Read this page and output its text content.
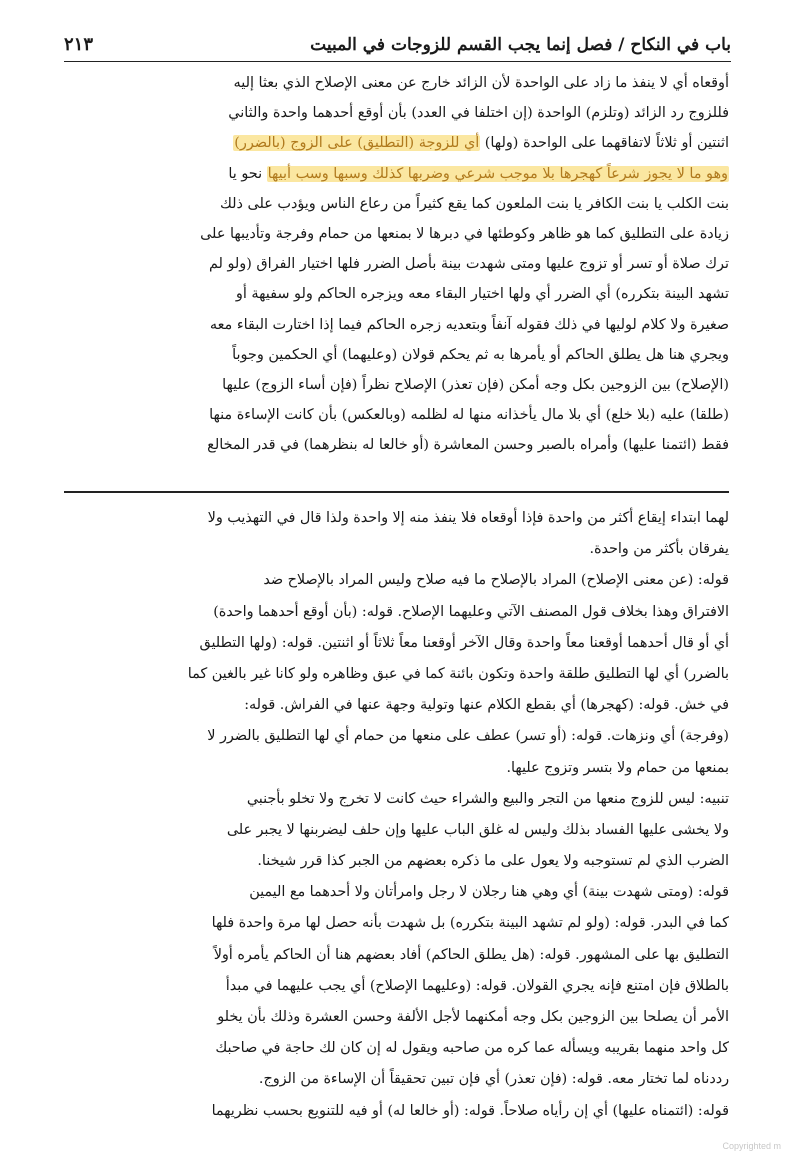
باب في النكاح / فصل إنما يجب القسم للزوجات في المبيت
٢١٣

أوقعاه أي لا ينفذ ما زاد على الواحدة لأن الزائد خارج عن معنى الإصلاح الذي بعثا إليه

فللزوج رد الزائد (وتلزم) الواحدة (إن اختلفا في العدد) بأن أوقع أحدهما واحدة والثاني

اثنتين أو ثلاثاً لاتفاقهما على الواحدة (ولها) أي للزوجة (التطليق) على الزوج (بالضرر)

وهو ما لا يجوز شرعاً كهجرها بلا موجب شرعي وضربها كذلك وسبها وسب أبيها نحو يا

بنت الكلب يا بنت الكافر يا بنت الملعون كما يقع كثيراً من رعاع الناس ويؤدب على ذلك

زيادة على التطليق كما هو ظاهر وكوطئها في دبرها لا بمنعها من حمام وفرجة وتأديبها على

ترك صلاة أو تسر أو تزوج عليها ومتى شهدت بينة بأصل الضرر فلها اختيار الفراق (ولو لم

تشهد البينة بتكرره) أي الضرر أي ولها اختيار البقاء معه ويزجره الحاكم ولو سفيهة أو

صغيرة ولا كلام لوليها في ذلك فقوله آنفاً وبتعديه زجره الحاكم فيما إذا اختارت البقاء معه

ويجري هنا هل يطلق الحاكم أو يأمرها به ثم يحكم قولان (وعليهما) أي الحكمين وجوباً

(الإصلاح) بين الزوجين بكل وجه أمكن (فإن تعذر) الإصلاح نظراً (فإن أساء الزوج) عليها

(طلقا) عليه (بلا خلع) أي بلا مال يأخذانه منها له لظلمه (وبالعكس) بأن كانت الإساءة منها

فقط (ائتمنا عليها) وأمراه بالصبر وحسن المعاشرة (أو خالعا له بنظرهما) في قدر المخالع

لهما ابتداء إيقاع أكثر من واحدة فإذا أوقعاه فلا ينفذ منه إلا واحدة ولذا قال في التهذيب ولا

يفرقان بأكثر من واحدة.

قوله: (عن معنى الإصلاح) المراد بالإصلاح ما فيه صلاح وليس المراد بالإصلاح ضد

الافتراق وهذا بخلاف قول المصنف الآتي وعليهما الإصلاح. قوله: (بأن أوقع أحدهما واحدة)

أي أو قال أحدهما أوقعنا معاً واحدة وقال الآخر أوقعنا معاً ثلاثاً أو اثنتين. قوله: (ولها التطليق

بالضرر) أي لها التطليق طلقة واحدة وتكون بائنة كما في عبق وظاهره ولو كانا غير بالغين كما

في خش. قوله: (كهجرها) أي بقطع الكلام عنها وتولية وجهة عنها في الفراش. قوله:

(وفرجة) أي ونزهات. قوله: (أو تسر) عطف على منعها من حمام أي لها التطليق بالضرر لا

بمنعها من حمام ولا بتسر وتزوج عليها.

تنبيه: ليس للزوج منعها من التجر والبيع والشراء حيث كانت لا تخرج ولا تخلو بأجنبي

ولا يخشى عليها الفساد بذلك وليس له غلق الباب عليها وإن حلف ليضربنها لا يجبر على

الضرب الذي لم تستوجبه ولا يعول على ما ذكره بعضهم من الجبر كذا قرر شيخنا.

قوله: (ومتى شهدت بينة) أي وهي هنا رجلان لا رجل وامرأتان ولا أحدهما مع اليمين

كما في البدر. قوله: (ولو لم تشهد البينة بتكرره) بل شهدت بأنه حصل لها مرة واحدة فلها

التطليق بها على المشهور. قوله: (هل يطلق الحاكم) أفاد بعضهم هنا أن الحاكم يأمره أولاً

بالطلاق فإن امتنع فإنه يجري القولان. قوله: (وعليهما الإصلاح) أي يجب عليهما في مبدأ

الأمر أن يصلحا بين الزوجين بكل وجه أمكنهما لأجل الألفة وحسن العشرة وذلك بأن يخلو

كل واحد منهما بقريبه ويسأله عما كره من صاحبه ويقول له إن كان لك حاجة في صاحبك

رددناه لما تختار معه. قوله: (فإن تعذر) أي فإن تبين تحقيقاً أن الإساءة من الزوج.

قوله: (ائتمناه عليها) أي إن رأياه صلاحاً. قوله: (أو خالعا له) أو فيه للتنويع بحسب نظريهما

Copyrighted m
